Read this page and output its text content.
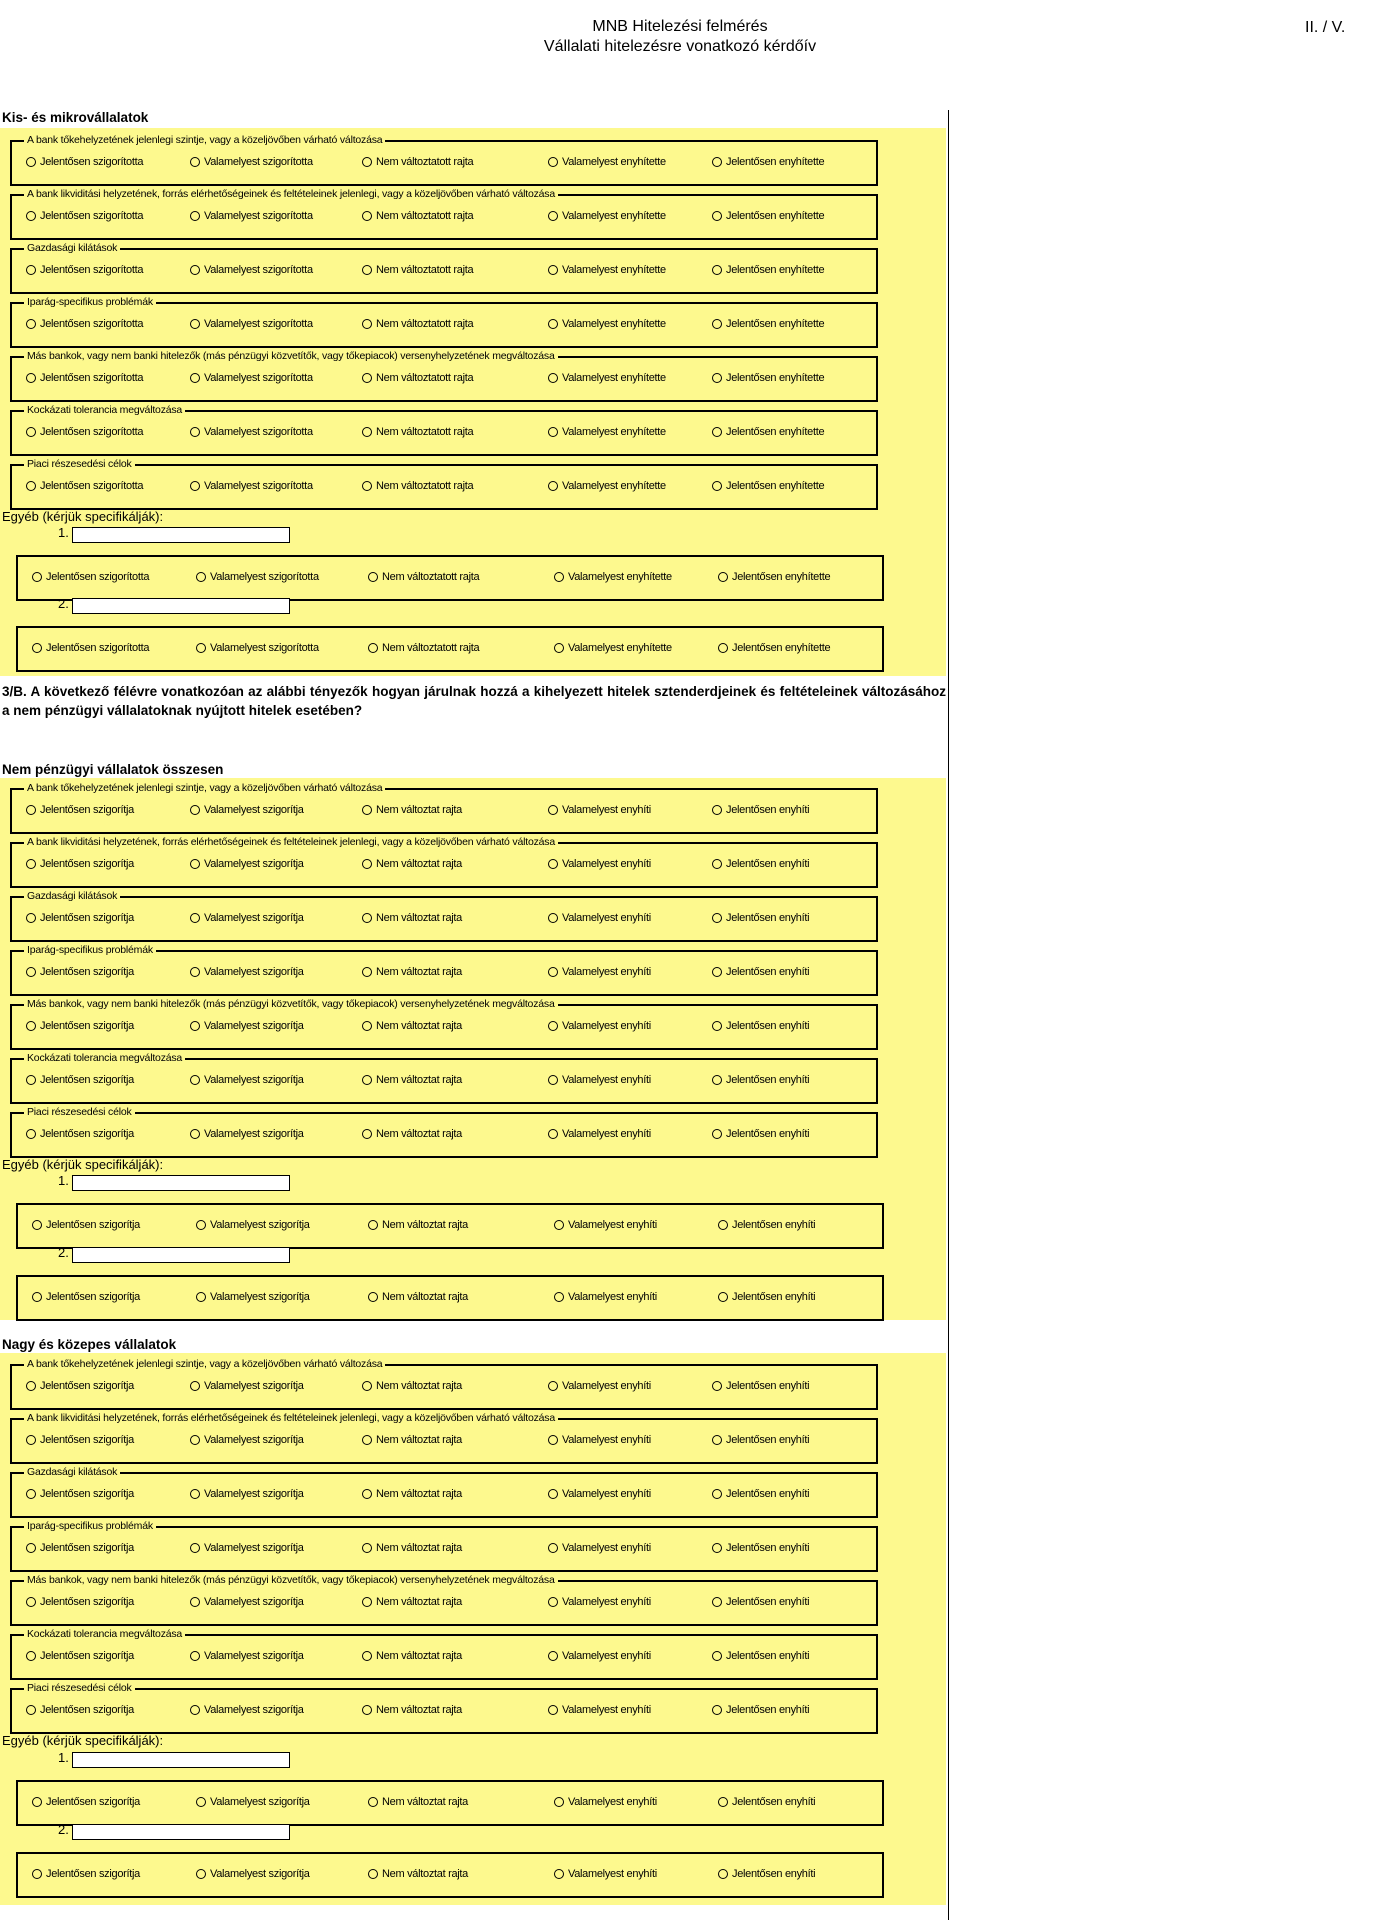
MNB Hitelezési felmérés
Vállalati hitelezésre vonatkozó kérdőív
II. / V.
Kis- és mikrovállalatok
A bank tőkehelyzetének jelenlegi szintje, vagy a közeljövőben várható változása
Jelentősen szigorította	Valamelyest szigorította	Nem változtatott rajta	Valamelyest enyhítette	Jelentősen enyhítette
A bank likviditási helyzetének, forrás elérhetőségeinek és feltételeinek jelenlegi, vagy a közeljövőben várható változása
Jelentősen szigorította	Valamelyest szigorította	Nem változtatott rajta	Valamelyest enyhítette	Jelentősen enyhítette
Gazdasági kilátások
Jelentősen szigorította	Valamelyest szigorította	Nem változtatott rajta	Valamelyest enyhítette	Jelentősen enyhítette
Iparág-specifikus problémák
Jelentősen szigorította	Valamelyest szigorította	Nem változtatott rajta	Valamelyest enyhítette	Jelentősen enyhítette
Más bankok, vagy nem banki hitelezők (más pénzügyi közvetítők, vagy tőkepiacok) versenyhelyzetének megváltozása
Jelentősen szigorította	Valamelyest szigorította	Nem változtatott rajta	Valamelyest enyhítette	Jelentősen enyhítette
Kockázati tolerancia megváltozása
Jelentősen szigorította	Valamelyest szigorította	Nem változtatott rajta	Valamelyest enyhítette	Jelentősen enyhítette
Piaci részesedési célok
Jelentősen szigorította	Valamelyest szigorította	Nem változtatott rajta	Valamelyest enyhítette	Jelentősen enyhítette
Egyéb (kérjük specifikálják):
1.
Jelentősen szigorította	Valamelyest szigorította	Nem változtatott rajta	Valamelyest enyhítette	Jelentősen enyhítette
2.
Jelentősen szigorította	Valamelyest szigorította	Nem változtatott rajta	Valamelyest enyhítette	Jelentősen enyhítette
3/B. A következő félévre vonatkozóan az alábbi tényezők hogyan járulnak hozzá a kihelyezett hitelek sztenderdjeinek és feltételeinek változásához a nem pénzügyi vállalatoknak nyújtott hitelek esetében?
Nem pénzügyi vállalatok összesen
A bank tőkehelyzetének jelenlegi szintje, vagy a közeljövőben várható változása
Jelentősen szigorítja	Valamelyest szigorítja	Nem változtat rajta	Valamelyest enyhíti	Jelentősen enyhíti
A bank likviditási helyzetének, forrás elérhetőségeinek és feltételeinek jelenlegi, vagy a közeljövőben várható változása
Jelentősen szigorítja	Valamelyest szigorítja	Nem változtat rajta	Valamelyest enyhíti	Jelentősen enyhíti
Gazdasági kilátások
Jelentősen szigorítja	Valamelyest szigorítja	Nem változtat rajta	Valamelyest enyhíti	Jelentősen enyhíti
Iparág-specifikus problémák
Jelentősen szigorítja	Valamelyest szigorítja	Nem változtat rajta	Valamelyest enyhíti	Jelentősen enyhíti
Más bankok, vagy nem banki hitelezők (más pénzügyi közvetítők, vagy tőkepiacok) versenyhelyzetének megváltozása
Jelentősen szigorítja	Valamelyest szigorítja	Nem változtat rajta	Valamelyest enyhíti	Jelentősen enyhíti
Kockázati tolerancia megváltozása
Jelentősen szigorítja	Valamelyest szigorítja	Nem változtat rajta	Valamelyest enyhíti	Jelentősen enyhíti
Piaci részesedési célok
Jelentősen szigorítja	Valamelyest szigorítja	Nem változtat rajta	Valamelyest enyhíti	Jelentősen enyhíti
Egyéb (kérjük specifikálják):
1.
Jelentősen szigorítja	Valamelyest szigorítja	Nem változtat rajta	Valamelyest enyhíti	Jelentősen enyhíti
2.
Jelentősen szigorítja	Valamelyest szigorítja	Nem változtat rajta	Valamelyest enyhíti	Jelentősen enyhíti
Nagy és közepes vállalatok
A bank tőkehelyzetének jelenlegi szintje, vagy a közeljövőben várható változása
Jelentősen szigorítja	Valamelyest szigorítja	Nem változtat rajta	Valamelyest enyhíti	Jelentősen enyhíti
A bank likviditási helyzetének, forrás elérhetőségeinek és feltételeinek jelenlegi, vagy a közeljövőben várható változása
Jelentősen szigorítja	Valamelyest szigorítja	Nem változtat rajta	Valamelyest enyhíti	Jelentősen enyhíti
Gazdasági kilátások
Jelentősen szigorítja	Valamelyest szigorítja	Nem változtat rajta	Valamelyest enyhíti	Jelentősen enyhíti
Iparág-specifikus problémák
Jelentősen szigorítja	Valamelyest szigorítja	Nem változtat rajta	Valamelyest enyhíti	Jelentősen enyhíti
Más bankok, vagy nem banki hitelezők (más pénzügyi közvetítők, vagy tőkepiacok) versenyhelyzetének megváltozása
Jelentősen szigorítja	Valamelyest szigorítja	Nem változtat rajta	Valamelyest enyhíti	Jelentősen enyhíti
Kockázati tolerancia megváltozása
Jelentősen szigorítja	Valamelyest szigorítja	Nem változtat rajta	Valamelyest enyhíti	Jelentősen enyhíti
Piaci részesedési célok
Jelentősen szigorítja	Valamelyest szigorítja	Nem változtat rajta	Valamelyest enyhíti	Jelentősen enyhíti
Egyéb (kérjük specifikálják):
1.
Jelentősen szigorítja	Valamelyest szigorítja	Nem változtat rajta	Valamelyest enyhíti	Jelentősen enyhíti
2.
Jelentősen szigorítja	Valamelyest szigorítja	Nem változtat rajta	Valamelyest enyhíti	Jelentősen enyhíti
